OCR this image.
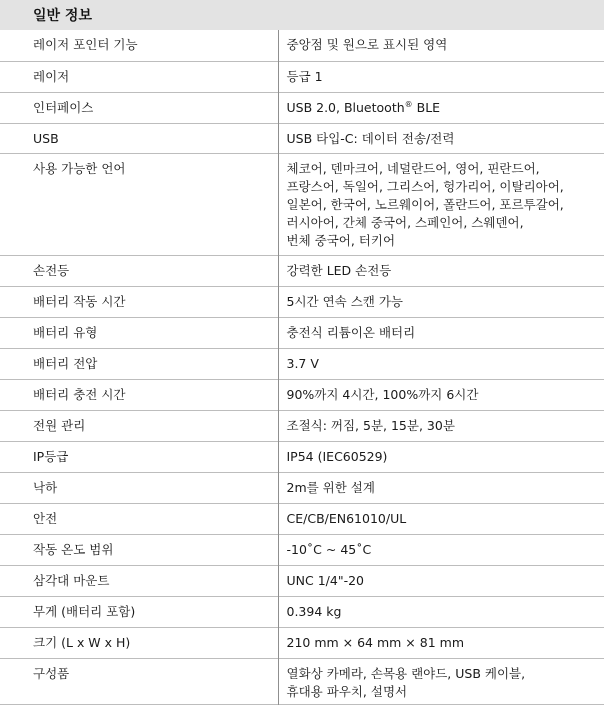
일반 정보
레이저 포인터 기능	중앙점 및 원으로 표시된 영역
레이저	등급 1
인터페이스	USB 2.0, Bluetooth® BLE
USB	USB 타입-C: 데이터 전송/전력
사용 가능한 언어	체코어, 덴마크어, 네덜란드어, 영어, 핀란드어,
프랑스어, 독일어, 그리스어, 헝가리어, 이탈리아어,
일본어, 한국어, 노르웨이어, 폴란드어, 포르투갈어,
러시아어, 간체 중국어, 스페인어, 스웨덴어,
번체 중국어, 터키어
손전등	강력한 LED 손전등
배터리 작동 시간	5시간 연속 스캔 가능
배터리 유형	충전식 리튬이온 배터리
배터리 전압	3.7 V
배터리 충전 시간	90%까지 4시간, 100%까지 6시간
전원 관리	조절식: 꺼짐, 5분, 15분, 30분
IP등급	IP54 (IEC60529)
낙하	2m를 위한 설계
안전	CE/CB/EN61010/UL
작동 온도 범위	-10˚C ~ 45˚C
삼각대 마운트	UNC 1/4"-20
무게 (배터리 포함)	0.394 kg
크기 (L x W x H)	210 mm × 64 mm × 81 mm
구성품	열화상 카메라, 손목용 랜야드, USB 케이블,
휴대용 파우치, 설명서
